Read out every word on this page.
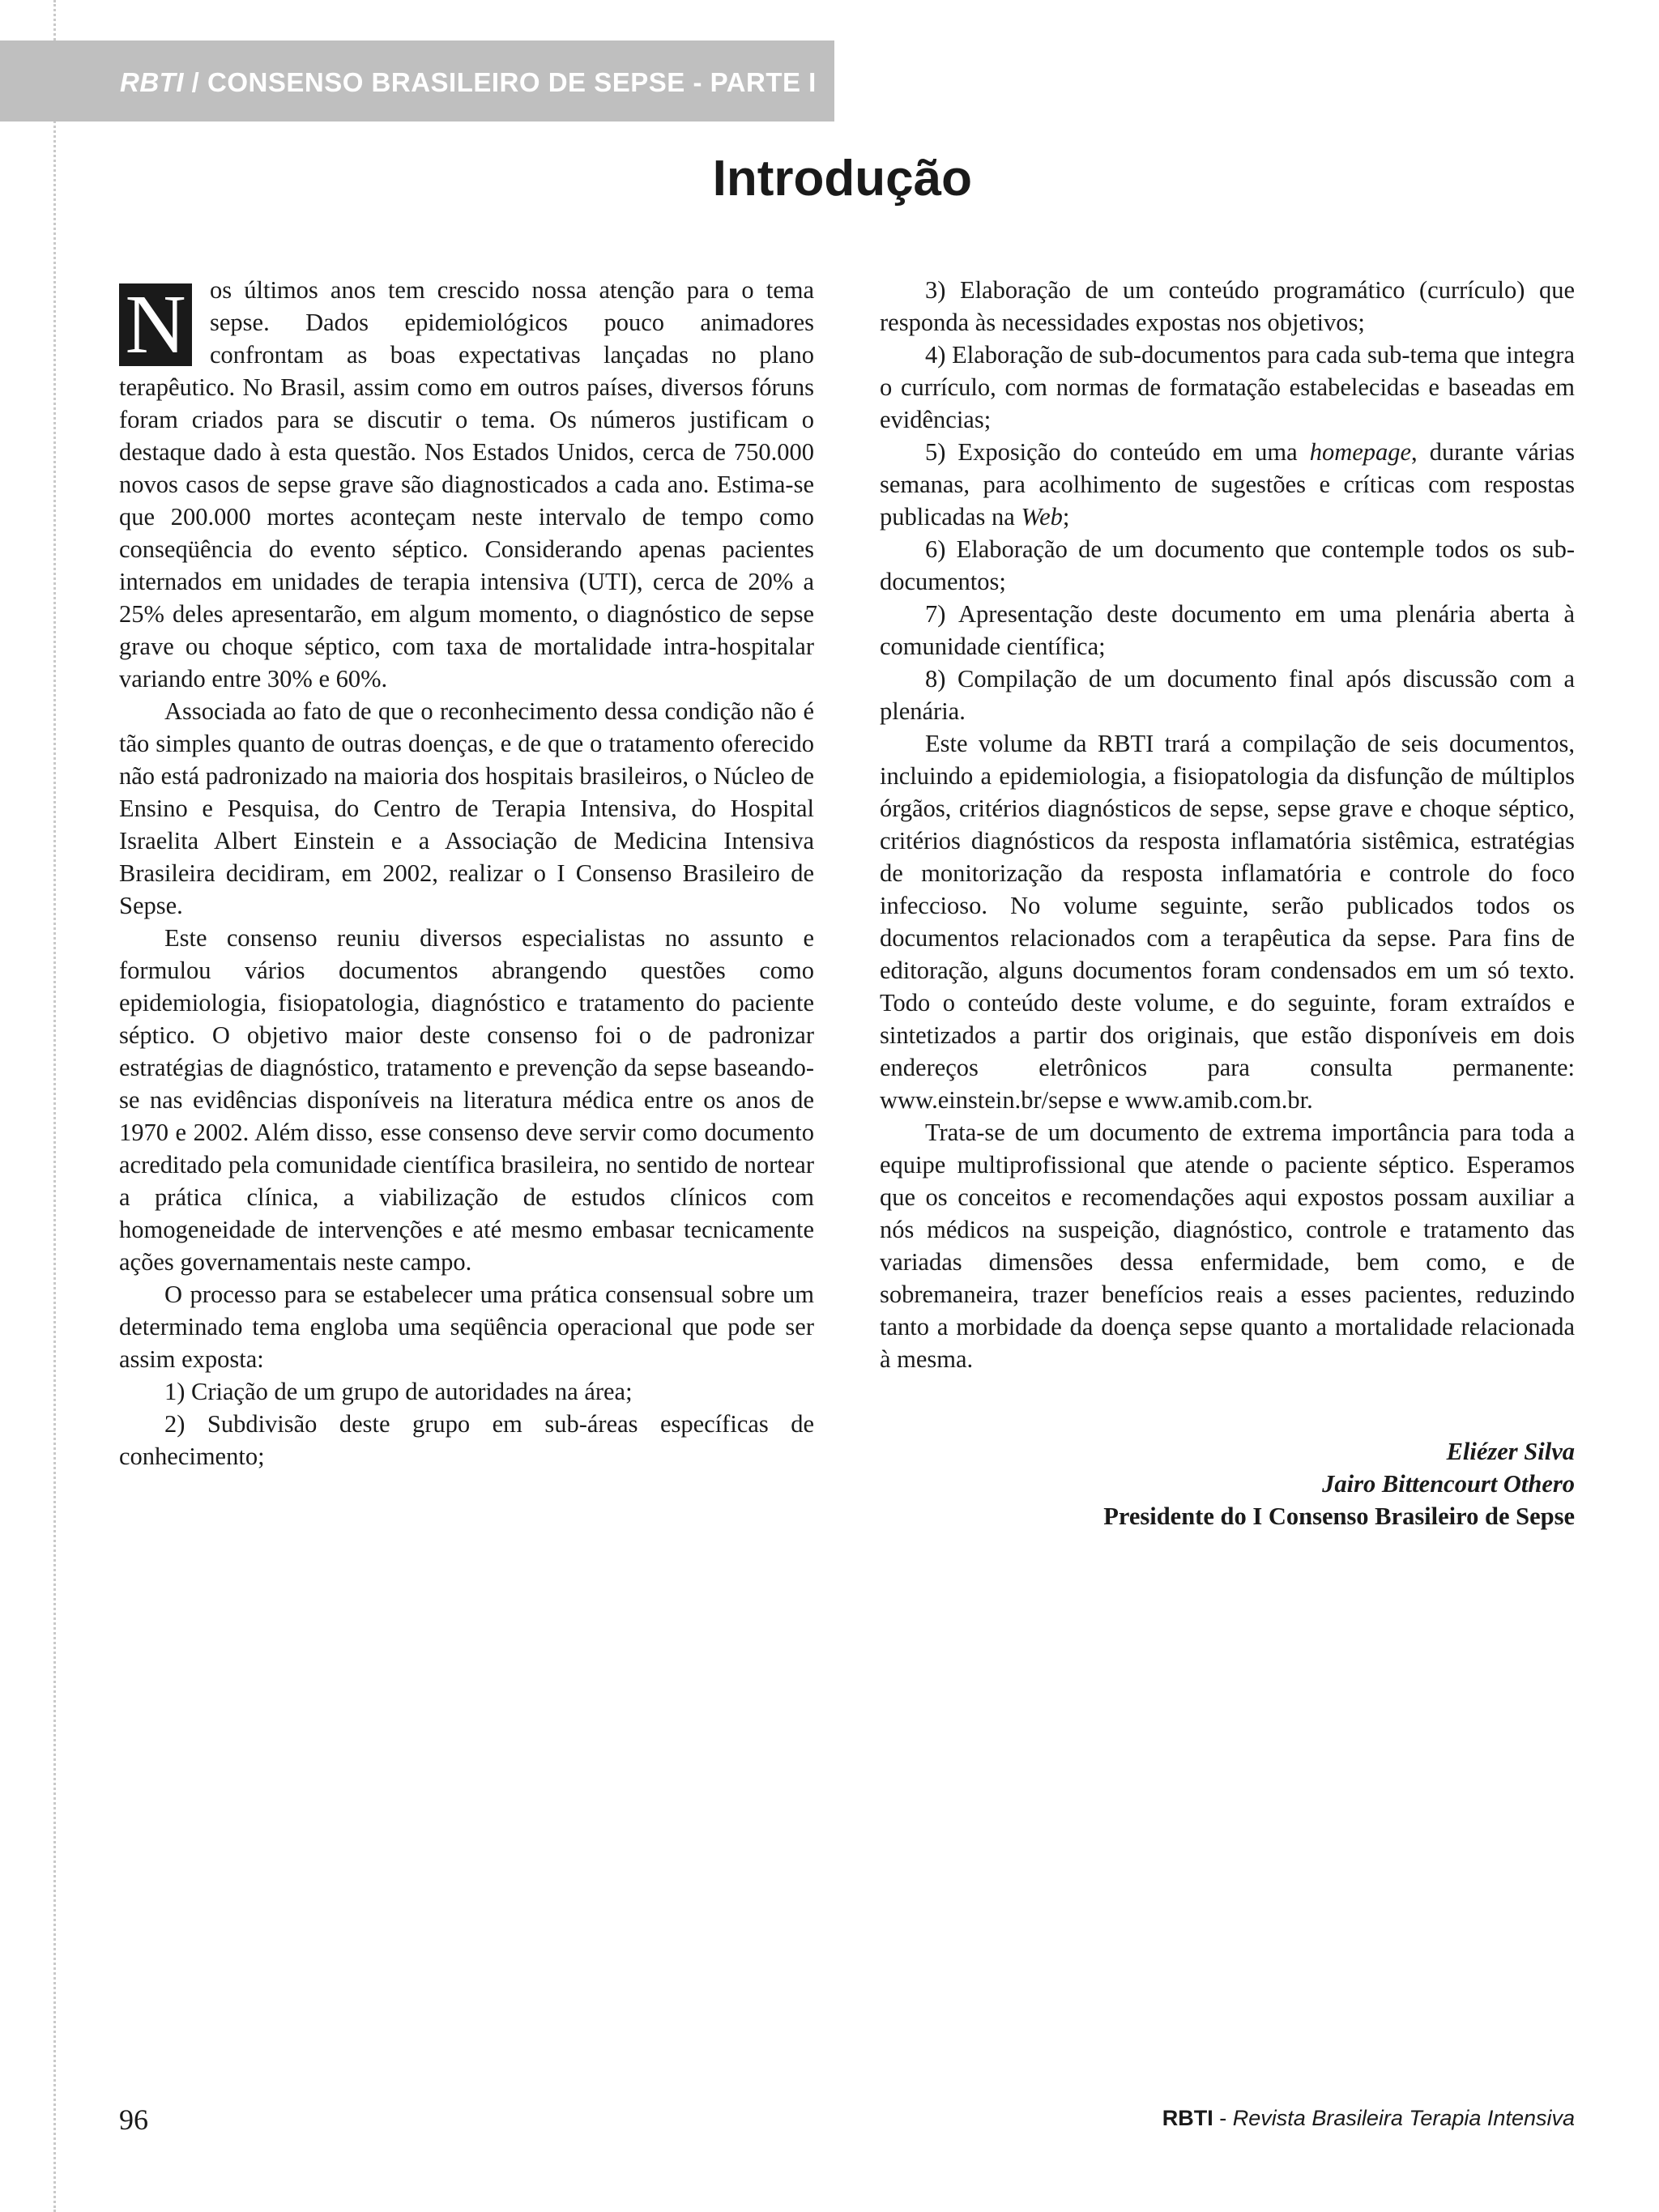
RBTI / CONSENSO BRASILEIRO DE SEPSE - PARTE I
Introdução

N os últimos anos tem crescido nossa atenção para o tema sepse. Dados epidemiológicos pouco animadores confrontam as boas expectativas lançadas no plano terapêutico. No Brasil, assim como em outros países, diversos fóruns foram criados para se discutir o tema. Os números justificam o destaque dado à esta questão. Nos Estados Unidos, cerca de 750.000 novos casos de sepse grave são diagnosticados a cada ano. Estima-se que 200.000 mortes aconteçam neste intervalo de tempo como conseqüência do evento séptico. Considerando apenas pacientes internados em unidades de terapia intensiva (UTI), cerca de 20% a 25% deles apresentarão, em algum momento, o diagnóstico de sepse grave ou choque séptico, com taxa de mortalidade intra-hospitalar variando entre 30% e 60%.

Associada ao fato de que o reconhecimento dessa condição não é tão simples quanto de outras doenças, e de que o tratamento oferecido não está padronizado na maioria dos hospitais brasileiros, o Núcleo de Ensino e Pesquisa, do Centro de Terapia Intensiva, do Hospital Israelita Albert Einstein e a Associação de Medicina Intensiva Brasileira decidiram, em 2002, realizar o I Consenso Brasileiro de Sepse.

Este consenso reuniu diversos especialistas no assunto e formulou vários documentos abrangendo questões como epidemiologia, fisiopatologia, diagnóstico e tratamento do paciente séptico. O objetivo maior deste consenso foi o de padronizar estratégias de diagnóstico, tratamento e prevenção da sepse baseando-se nas evidências disponíveis na literatura médica entre os anos de 1970 e 2002. Além disso, esse consenso deve servir como documento acreditado pela comunidade científica brasileira, no sentido de nortear a prática clínica, a viabilização de estudos clínicos com homogeneidade de intervenções e até mesmo embasar tecnicamente ações governamentais neste campo.

O processo para se estabelecer uma prática consensual sobre um determinado tema engloba uma seqüência operacional que pode ser assim exposta:

1) Criação de um grupo de autoridades na área;

2) Subdivisão deste grupo em sub-áreas específicas de conhecimento;

3) Elaboração de um conteúdo programático (currículo) que responda às necessidades expostas nos objetivos;

4) Elaboração de sub-documentos para cada sub-tema que integra o currículo, com normas de formatação estabelecidas e baseadas em evidências;

5) Exposição do conteúdo em uma homepage, durante várias semanas, para acolhimento de sugestões e críticas com respostas publicadas na Web;

6) Elaboração de um documento que contemple todos os sub-documentos;

7) Apresentação deste documento em uma plenária aberta à comunidade científica;

8) Compilação de um documento final após discussão com a plenária.

Este volume da RBTI trará a compilação de seis documentos, incluindo a epidemiologia, a fisiopatologia da disfunção de múltiplos órgãos, critérios diagnósticos de sepse, sepse grave e choque séptico, critérios diagnósticos da resposta inflamatória sistêmica, estratégias de monitorização da resposta inflamatória e controle do foco infeccioso. No volume seguinte, serão publicados todos os documentos relacionados com a terapêutica da sepse. Para fins de editoração, alguns documentos foram condensados em um só texto. Todo o conteúdo deste volume, e do seguinte, foram extraídos e sintetizados a partir dos originais, que estão disponíveis em dois endereços eletrônicos para consulta permanente: www.einstein.br/sepse e www.amib.com.br.

Trata-se de um documento de extrema importância para toda a equipe multiprofissional que atende o paciente séptico. Esperamos que os conceitos e recomendações aqui expostos possam auxiliar a nós médicos na suspeição, diagnóstico, controle e tratamento das variadas dimensões dessa enfermidade, bem como, e de sobremaneira, trazer benefícios reais a esses pacientes, reduzindo tanto a morbidade da doença sepse quanto a mortalidade relacionada à mesma.

Eliézer Silva
Jairo Bittencourt Othero
Presidente do I Consenso Brasileiro de Sepse
96	RBTI - Revista Brasileira Terapia Intensiva
